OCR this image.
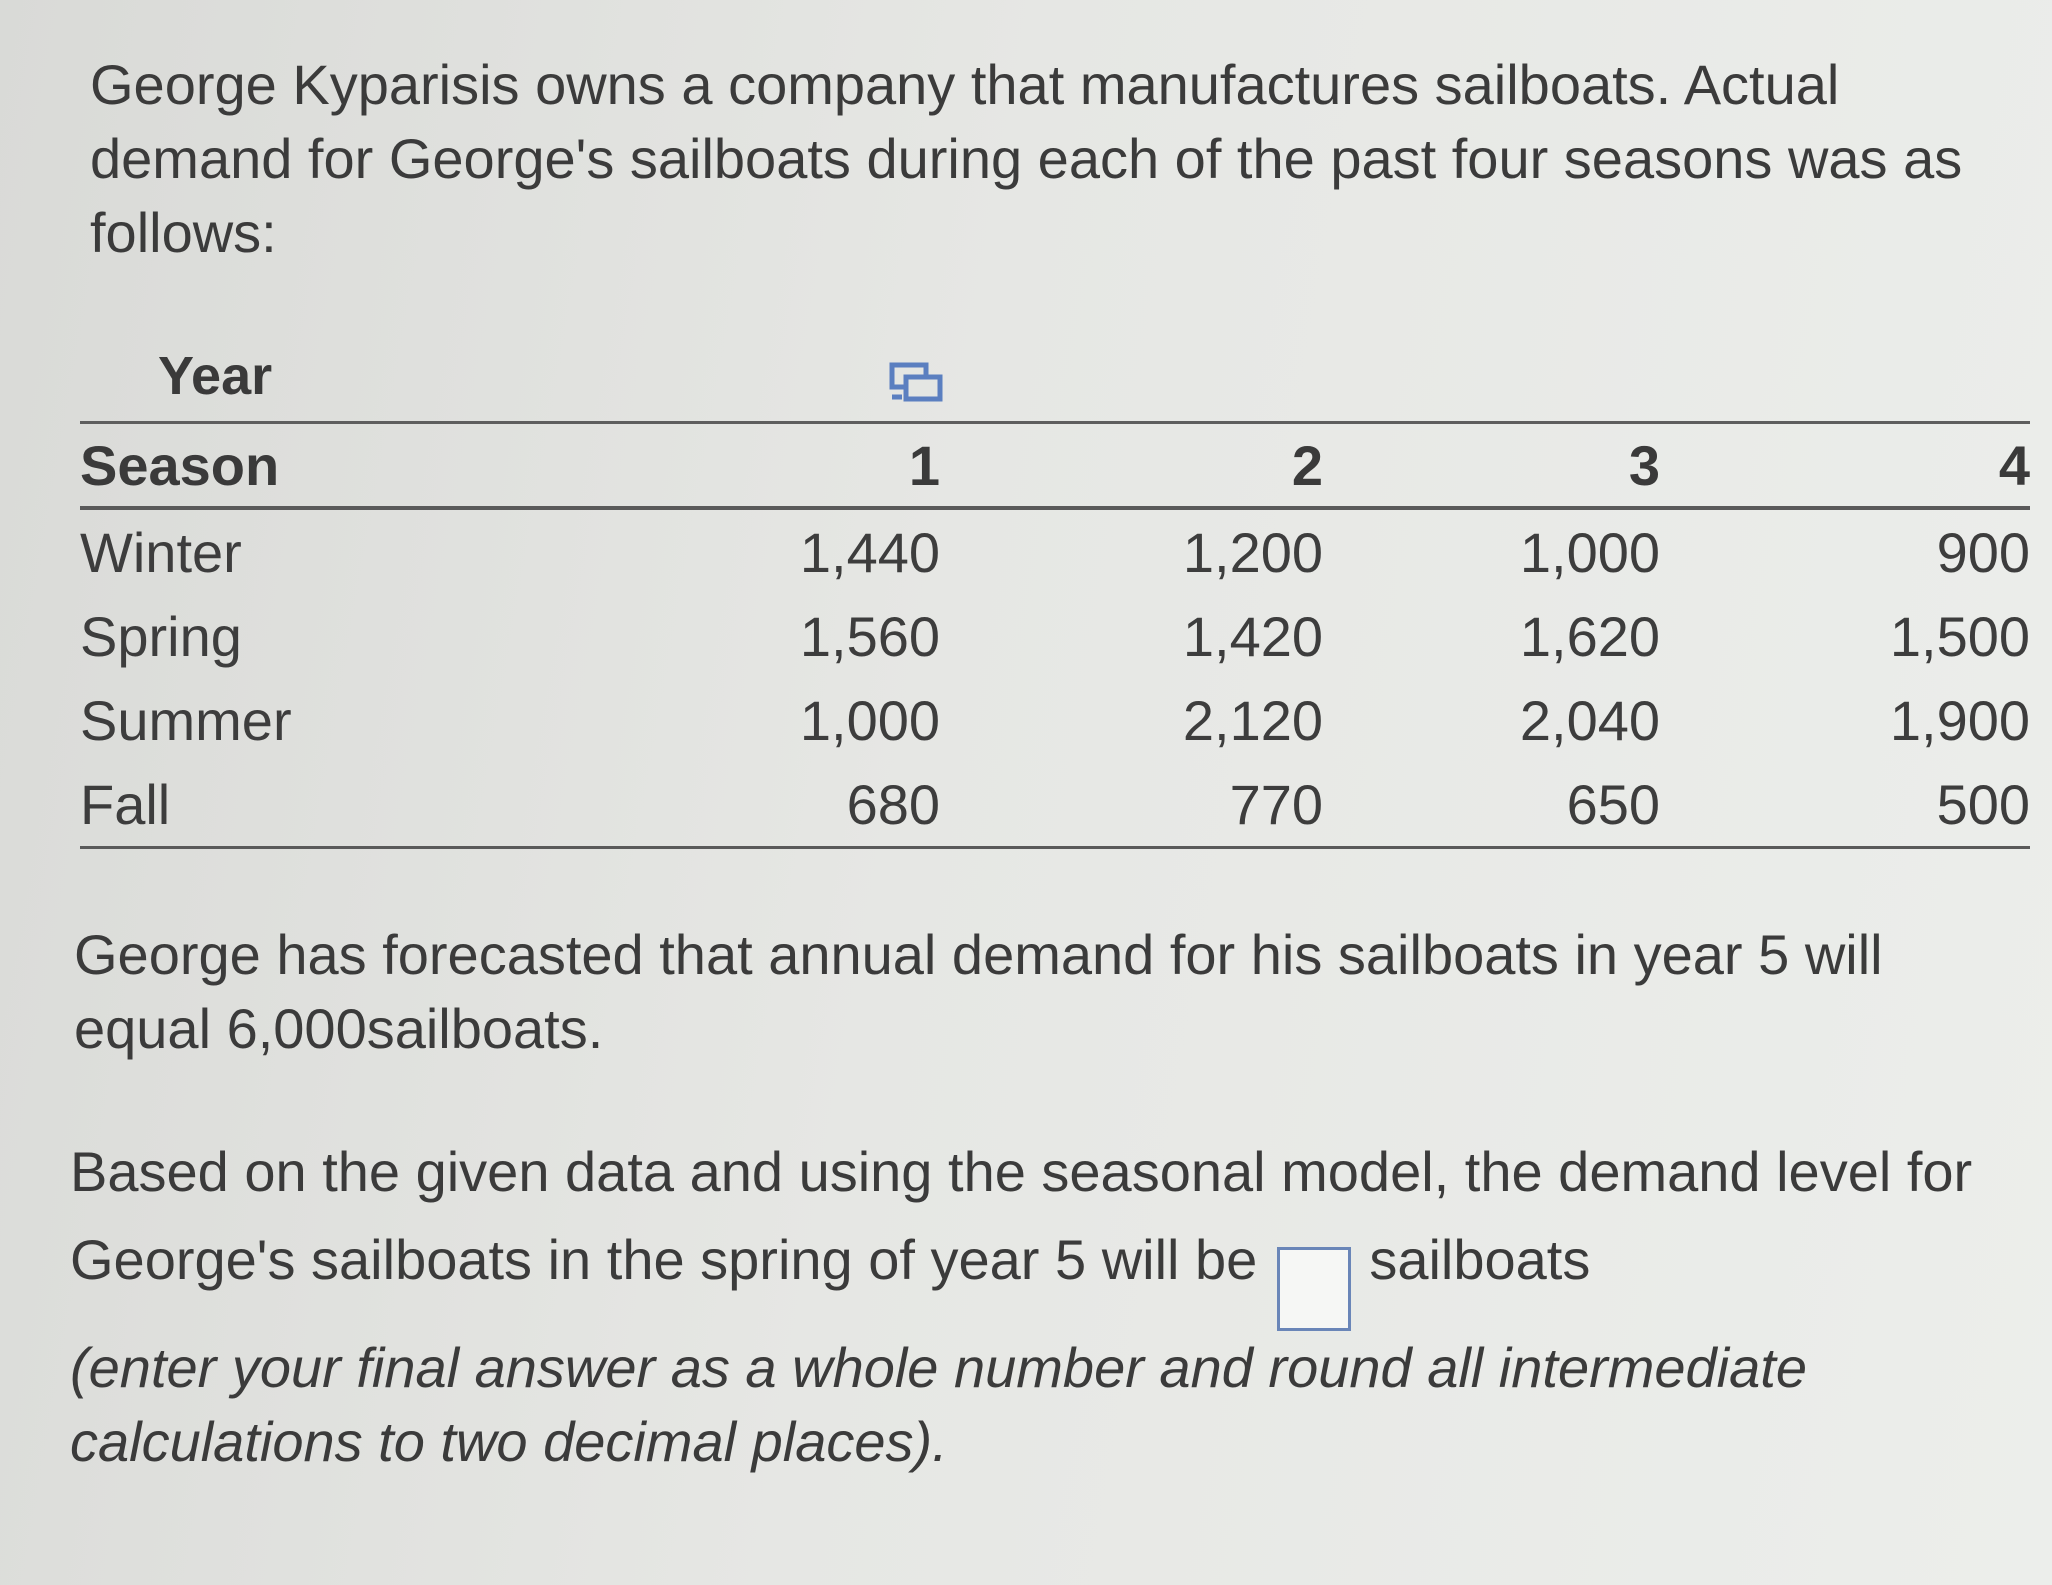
George Kyparisis owns a company that manufactures sailboats. Actual demand for George's sailboats during each of the past four seasons was as follows:

Year
Season	1	2	3	4
Winter	1,440	1,200	1,000	900
Spring	1,560	1,420	1,620	1,500
Summer	1,000	2,120	2,040	1,900
Fall	680	770	650	500

George has forecasted that annual demand for his sailboats in year 5 will equal 6,000sailboats.

Based on the given data and using the seasonal model, the demand level for George's sailboats in the spring of year 5 will be sailboats
(enter your final answer as a whole number and round all intermediate calculations to two decimal places).
